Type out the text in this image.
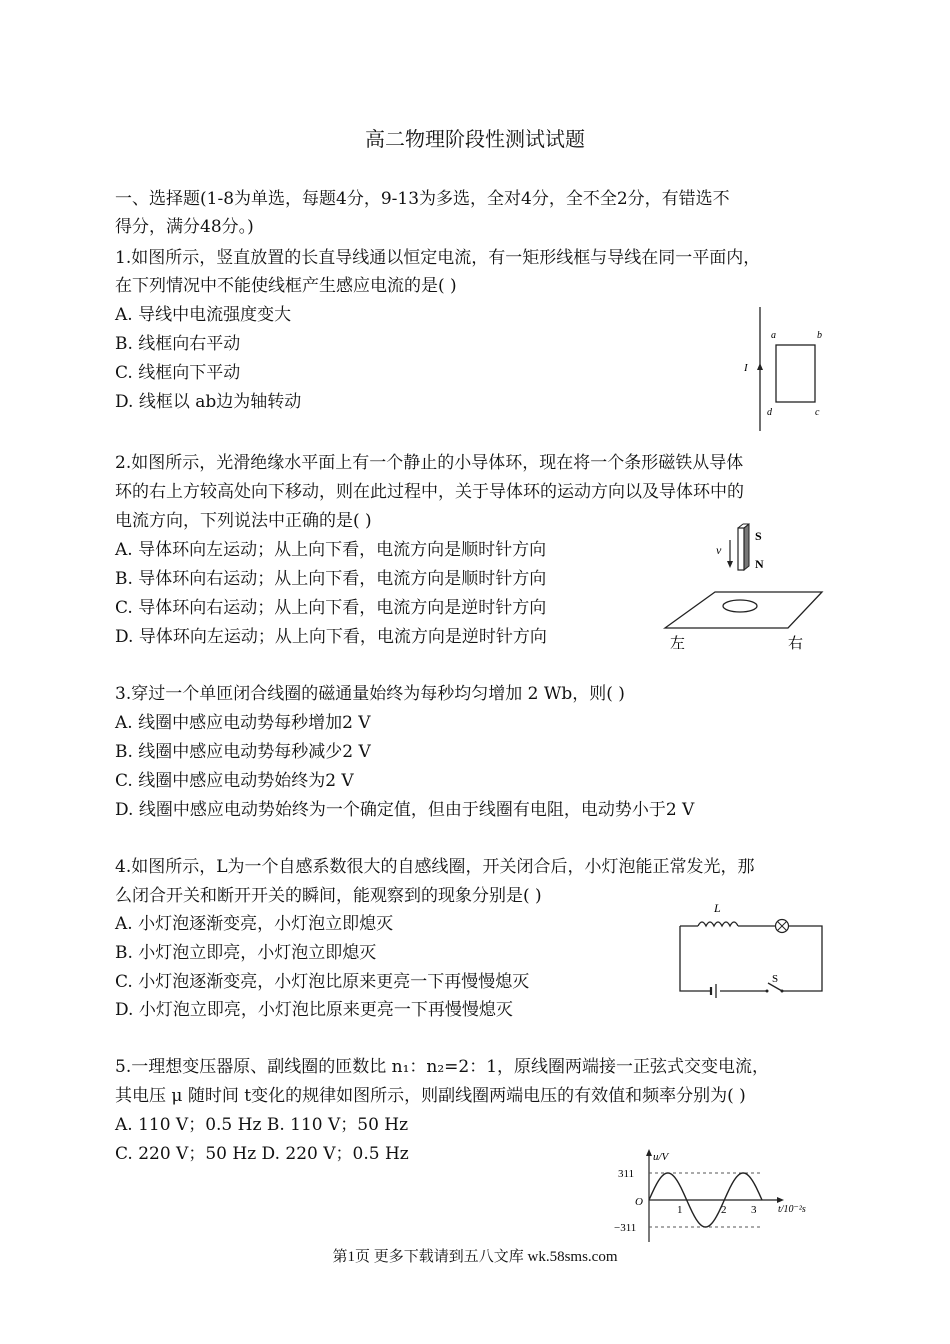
高二物理阶段性测试试题
一、选择题(1-8为单选，每题4分，9-13为多选，全对4分，全不全2分，有错选不
得分，满分48分。)
1.如图所示，竖直放置的长直导线通以恒定电流，有一矩形线框与导线在同一平面内，
在下列情况中不能使线框产生感应电流的是( )
A. 导线中电流强度变大
B. 线框向右平动
C. 线框向下平动
D. 线框以 ab边为轴转动
I
a	b
c
d
2.如图所示，光滑绝缘水平面上有一个静止的小导体环，现在将一个条形磁铁从导体
环的右上方较高处向下移动，则在此过程中，关于导体环的运动方向以及导体环中的
电流方向，下列说法中正确的是( )
A. 导体环向左运动；从上向下看，电流方向是顺时针方向
B. 导体环向右运动；从上向下看，电流方向是顺时针方向
C. 导体环向右运动；从上向下看，电流方向是逆时针方向
D. 导体环向左运动；从上向下看，电流方向是逆时针方向
v
S
N
左	右
3.穿过一个单匝闭合线圈的磁通量始终为每秒均匀增加 2 Wb，则( )
A. 线圈中感应电动势每秒增加2 V
B. 线圈中感应电动势每秒减少2 V
C. 线圈中感应电动势始终为2 V
D. 线圈中感应电动势始终为一个确定值，但由于线圈有电阻，电动势小于2 V
4.如图所示，L为一个自感系数很大的自感线圈，开关闭合后，小灯泡能正常发光，那
么闭合开关和断开开关的瞬间，能观察到的现象分别是( )
A. 小灯泡逐渐变亮，小灯泡立即熄灭
B. 小灯泡立即亮，小灯泡立即熄灭
C. 小灯泡逐渐变亮，小灯泡比原来更亮一下再慢慢熄灭
D. 小灯泡立即亮，小灯泡比原来更亮一下再慢慢熄灭
L
S
5.一理想变压器原、副线圈的匝数比 n₁：n₂=2：1，原线圈两端接一正弦式交变电流，
其电压 μ 随时间 t变化的规律如图所示，则副线圈两端电压的有效值和频率分别为( )
A. 110 V；0.5 Hz B. 110 V；50 Hz
C. 220 V；50 Hz D. 220 V；0.5 Hz	u/V
t/10⁻²s
O
311
−311
1	2 3
第1页 更多下载请到五八文库 wk.58sms.com
